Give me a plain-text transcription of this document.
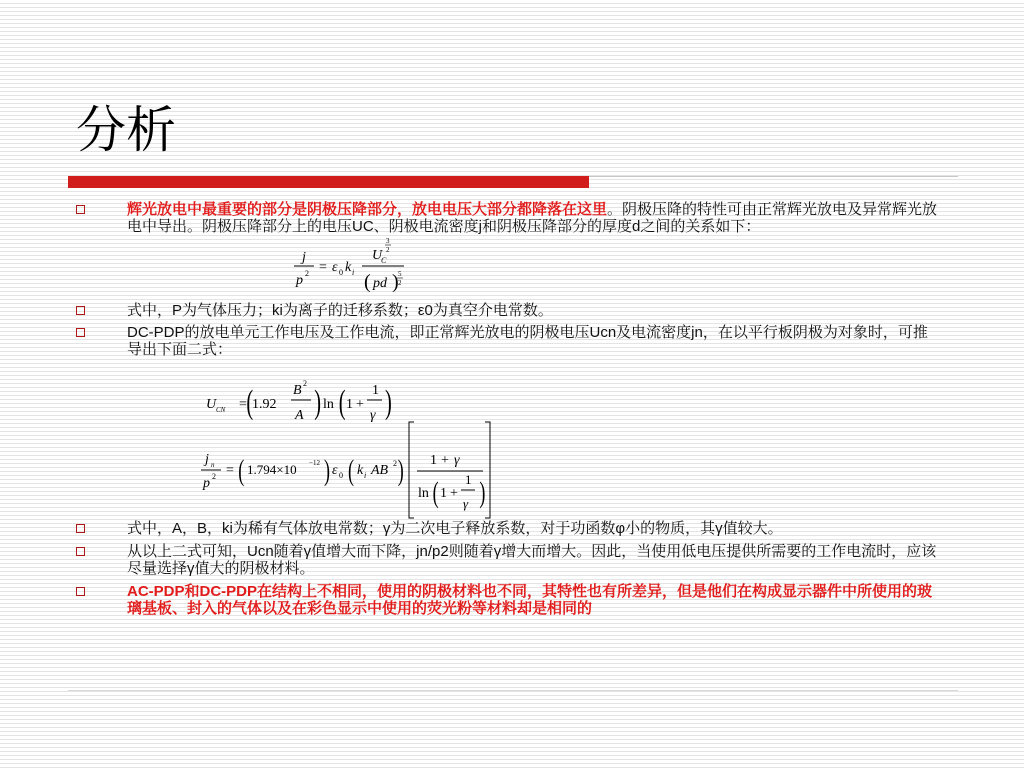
分析
辉光放电中最重要的部分是阴极压降部分，放电电压大部分都降落在这里。阴极压降的特性可由正常辉光放电及异常辉光放电中导出。阴极压降部分上的电压UC、阴极电流密度j和阴极压降部分的厚度d之间的关系如下：
j
p 2 = ε 0 k i
U
C
3
2
( pd ) 5
2
式中，P为气体压力；ki为离子的迁移系数；ε0为真空介电常数。
DC-PDP的放电单元工作电压及工作电流，即正常辉光放电的阴极电压Ucn及电流密度jn，在以平行板阴极为对象时，可推导出下面二式：
U CN = 1.92
(	B 2
A ) ln ( 1 +
1
γ )
j n
p 2 = ( 1.794×10 −12 ) ε 0 ( k i AB 2 ) 1 + γ
ln ( 1 +
1
γ )
式中，A，B，ki为稀有气体放电常数；γ为二次电子释放系数，对于功函数φ小的物质，其γ值较大。
从以上二式可知，Ucn随着γ值增大而下降，jn/p2则随着γ增大而增大。因此，当使用低电压提供所需要的工作电流时，应该尽量选择γ值大的阴极材料。
AC-PDP和DC-PDP在结构上不相同，使用的阴极材料也不同，其特性也有所差异，但是他们在构成显示器件中所使用的玻璃基板、封入的气体以及在彩色显示中使用的荧光粉等材料却是相同的
